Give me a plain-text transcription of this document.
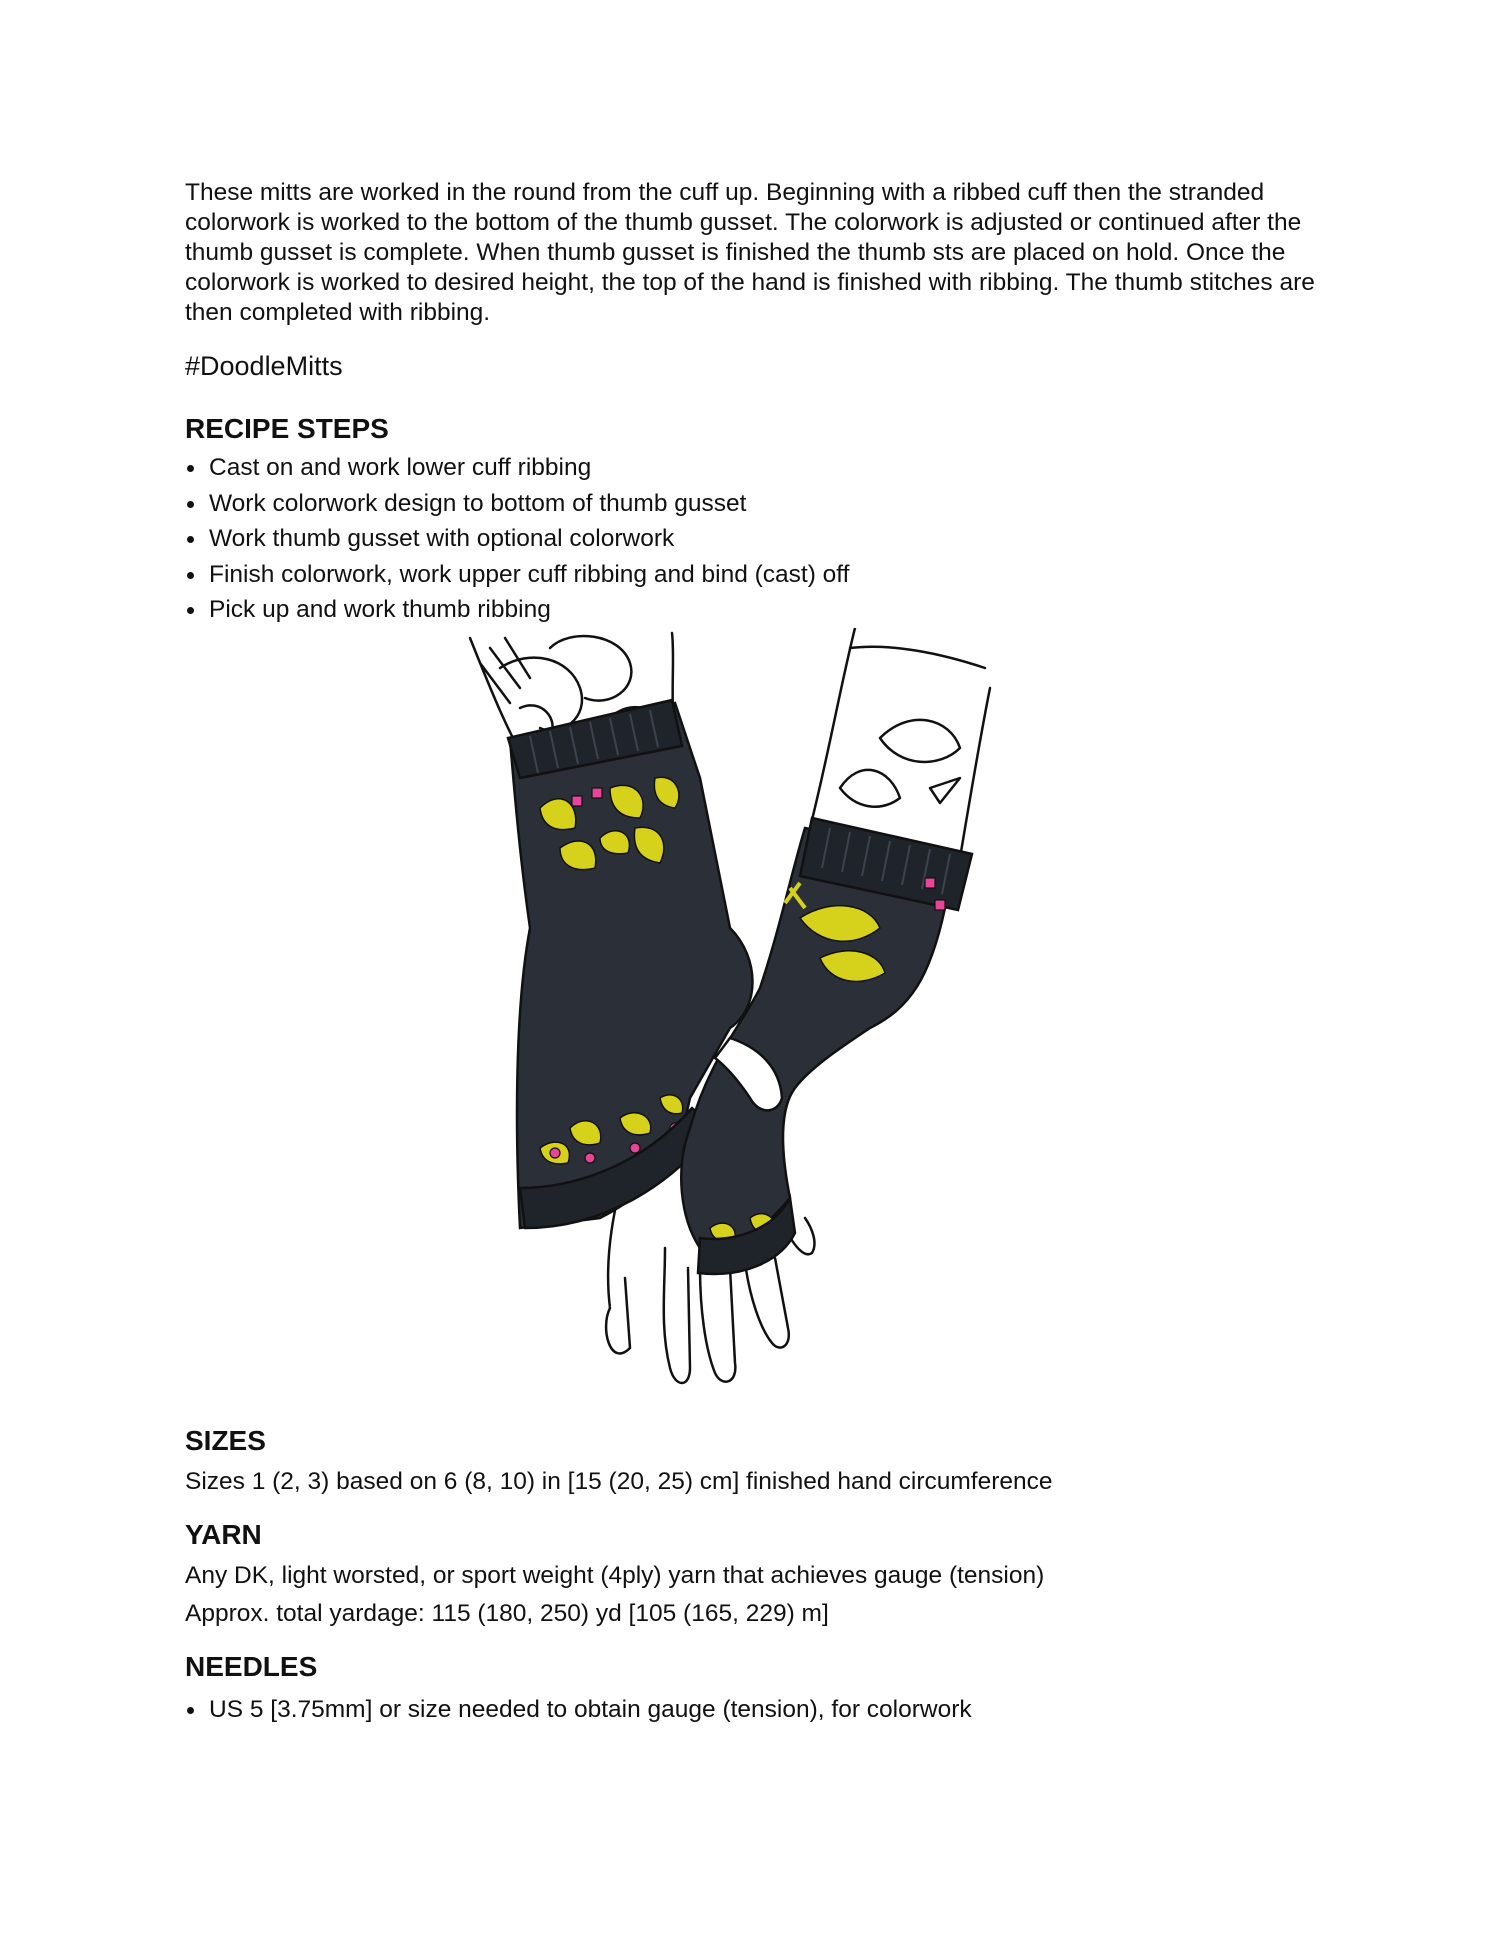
These mitts are worked in the round from the cuff up. Beginning with a ribbed cuff then the stranded colorwork is worked to the bottom of the thumb gusset. The colorwork is adjusted or continued after the thumb gusset is complete. When thumb gusset is finished the thumb sts are placed on hold. Once the colorwork is worked to desired height, the top of the hand is finished with ribbing. The thumb stitches are then completed with ribbing.

#DoodleMitts

RECIPE STEPS
Cast on and work lower cuff ribbing
Work colorwork design to bottom of thumb gusset
Work thumb gusset with optional colorwork
Finish colorwork, work upper cuff ribbing and bind (cast) off
Pick up and work thumb ribbing
SIZES
Sizes 1 (2, 3) based on 6 (8, 10) in [15 (20, 25) cm] finished hand circumference
YARN
Any DK, light worsted, or sport weight (4ply) yarn that achieves gauge (tension)
Approx. total yardage: 115 (180, 250) yd [105 (165, 229) m]
NEEDLES
US 5 [3.75mm] or size needed to obtain gauge (tension), for colorwork
